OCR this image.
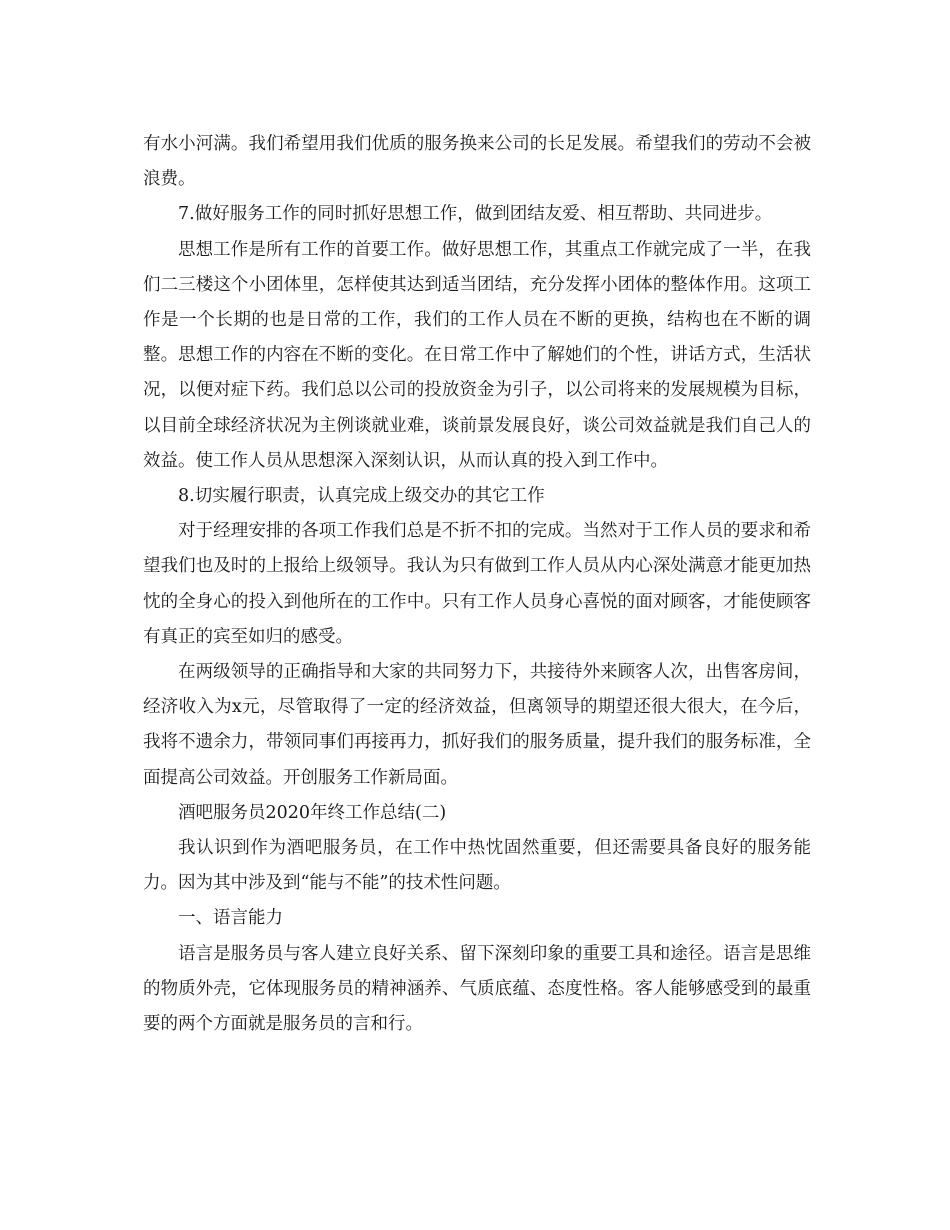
有水小河满。我们希望用我们优质的服务换来公司的长足发展。希望我们的劳动不会被浪费。

7.做好服务工作的同时抓好思想工作，做到团结友爱、相互帮助、共同进步。

思想工作是所有工作的首要工作。做好思想工作，其重点工作就完成了一半，在我们二三楼这个小团体里，怎样使其达到适当团结，充分发挥小团体的整体作用。这项工作是一个长期的也是日常的工作，我们的工作人员在不断的更换，结构也在不断的调整。思想工作的内容在不断的变化。在日常工作中了解她们的个性，讲话方式，生活状况，以便对症下药。我们总以公司的投放资金为引子，以公司将来的发展规模为目标，以目前全球经济状况为主例谈就业难，谈前景发展良好，谈公司效益就是我们自己人的效益。使工作人员从思想深入深刻认识，从而认真的投入到工作中。

8.切实履行职责，认真完成上级交办的其它工作

对于经理安排的各项工作我们总是不折不扣的完成。当然对于工作人员的要求和希望我们也及时的上报给上级领导。我认为只有做到工作人员从内心深处满意才能更加热忱的全身心的投入到他所在的工作中。只有工作人员身心喜悦的面对顾客，才能使顾客有真正的宾至如归的感受。

在两级领导的正确指导和大家的共同努力下，共接待外来顾客人次，出售客房间，经济收入为x元，尽管取得了一定的经济效益，但离领导的期望还很大很大，在今后，我将不遗余力，带领同事们再接再力，抓好我们的服务质量，提升我们的服务标准，全面提高公司效益。开创服务工作新局面。

酒吧服务员2020年终工作总结(二)

我认识到作为酒吧服务员，在工作中热忱固然重要，但还需要具备良好的服务能力。因为其中涉及到“能与不能”的技术性问题。

一、语言能力

语言是服务员与客人建立良好关系、留下深刻印象的重要工具和途径。语言是思维的物质外壳，它体现服务员的精神涵养、气质底蕴、态度性格。客人能够感受到的最重要的两个方面就是服务员的言和行。
